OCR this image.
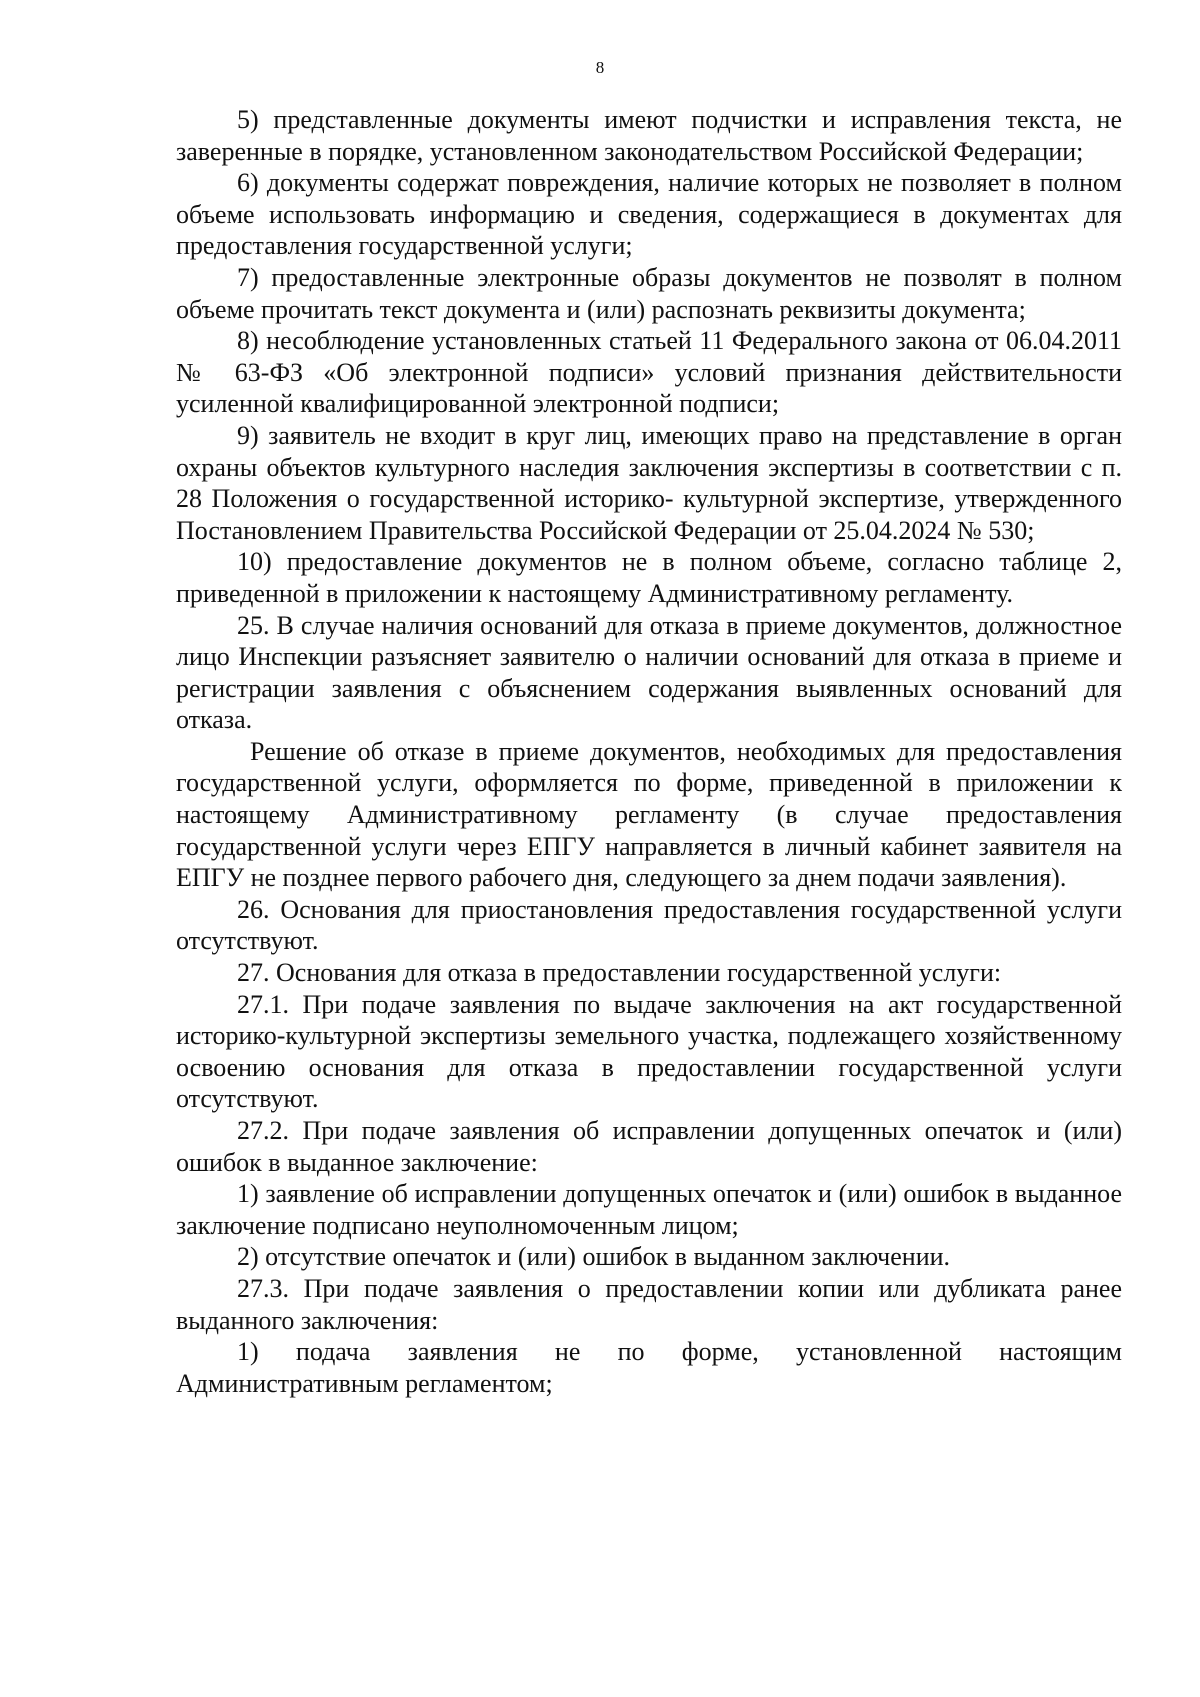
8

5) представленные документы имеют подчистки и исправления текста, не заверенные в порядке, установленном законодательством Российской Федерации;

6) документы содержат повреждения, наличие которых не позволяет в полном объеме использовать информацию и сведения, содержащиеся в документах для предоставления государственной услуги;

7) предоставленные электронные образы документов не позволят в полном объеме прочитать текст документа и (или) распознать реквизиты документа;

8) несоблюдение установленных статьей 11 Федерального закона от 06.04.2011 № 63-ФЗ «Об электронной подписи» условий признания действительности усиленной квалифицированной электронной подписи;

9) заявитель не входит в круг лиц, имеющих право на представление в орган охраны объектов культурного наследия заключения экспертизы в соответствии с п. 28 Положения о государственной историко- культурной экспертизе, утвержденного Постановлением Правительства Российской Федерации от 25.04.2024 № 530;

10) предоставление документов не в полном объеме, согласно таблице 2, приведенной в приложении к настоящему Административному регламенту.

25. В случае наличия оснований для отказа в приеме документов, должностное лицо Инспекции разъясняет заявителю о наличии оснований для отказа в приеме и регистрации заявления с объяснением содержания выявленных оснований для отказа.

Решение об отказе в приеме документов, необходимых для предоставления государственной услуги, оформляется по форме, приведенной в приложении к настоящему Административному регламенту (в случае предоставления государственной услуги через ЕПГУ направляется в личный кабинет заявителя на ЕПГУ не позднее первого рабочего дня, следующего за днем подачи заявления).

26. Основания для приостановления предоставления государственной услуги отсутствуют.

27. Основания для отказа в предоставлении государственной услуги:

27.1. При подаче заявления по выдаче заключения на акт государственной историко-культурной экспертизы земельного участка, подлежащего хозяйственному освоению основания для отказа в предоставлении государственной услуги отсутствуют.

27.2. При подаче заявления об исправлении допущенных опечаток и (или) ошибок в выданное заключение:

1) заявление об исправлении допущенных опечаток и (или) ошибок в выданное заключение подписано неуполномоченным лицом;

2) отсутствие опечаток и (или) ошибок в выданном заключении.

27.3. При подаче заявления о предоставлении копии или дубликата ранее выданного заключения:

1) подача заявления не по форме, установленной настоящим Административным регламентом;
